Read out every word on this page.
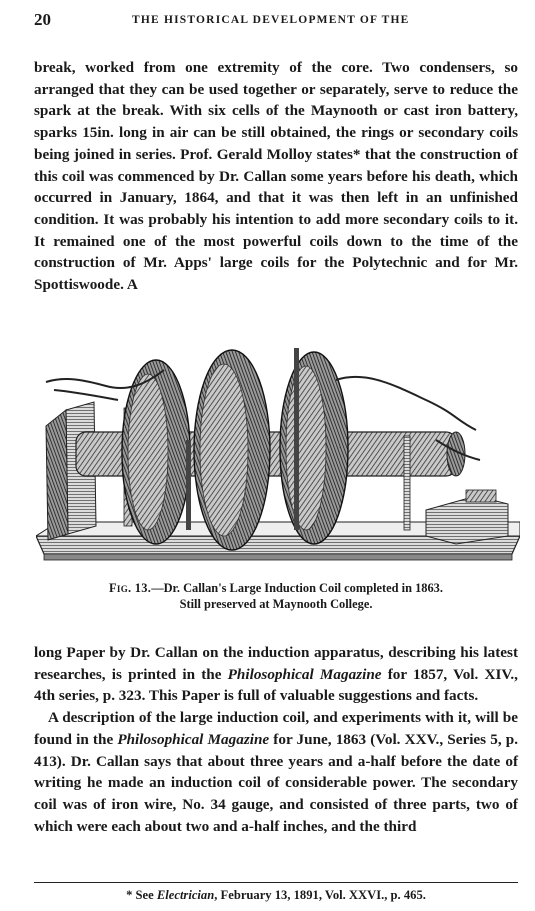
20	THE HISTORICAL DEVELOPMENT OF THE

break, worked from one extremity of the core. Two condensers, so arranged that they can be used together or separately, serve to reduce the spark at the break. With six cells of the Maynooth or cast iron battery, sparks 15in. long in air can be still obtained, the rings or secondary coils being joined in series. Prof. Gerald Molloy states* that the construction of this coil was commenced by Dr. Callan some years before his death, which occurred in January, 1864, and that it was then left in an unfinished condition. It was probably his intention to add more secondary coils to it. It remained one of the most powerful coils down to the time of the construction of Mr. Apps' large coils for the Polytechnic and for Mr. Spottiswoode. A

Fig. 13.—Dr. Callan's Large Induction Coil completed in 1863.
Still preserved at Maynooth College.

long Paper by Dr. Callan on the induction apparatus, describing his latest researches, is printed in the Philosophical Magazine for 1857, Vol. XIV., 4th series, p. 323. This Paper is full of valuable suggestions and facts.

A description of the large induction coil, and experiments with it, will be found in the Philosophical Magazine for June, 1863 (Vol. XXV., Series 5, p. 413). Dr. Callan says that about three years and a-half before the date of writing he made an induction coil of considerable power. The secondary coil was of iron wire, No. 34 gauge, and consisted of three parts, two of which were each about two and a-half inches, and the third

* See Electrician, February 13, 1891, Vol. XXVI., p. 465.
